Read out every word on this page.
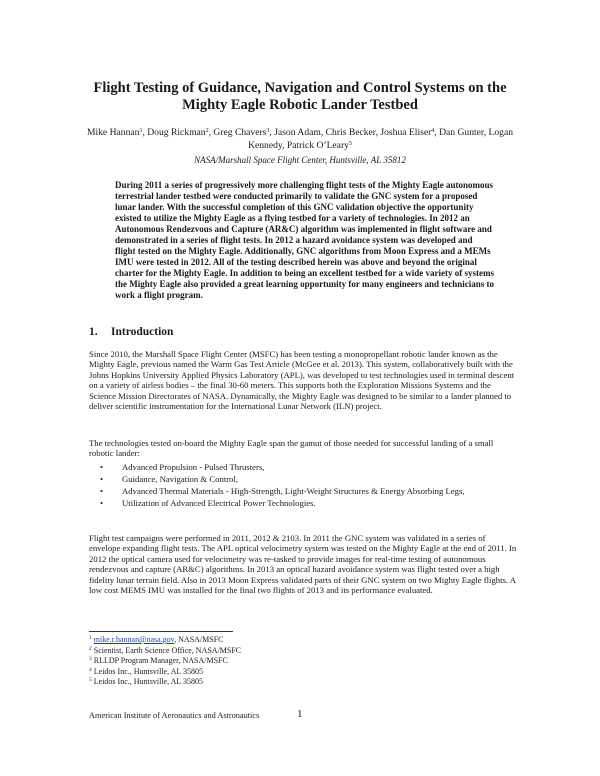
Flight Testing of Guidance, Navigation and Control Systems on the Mighty Eagle Robotic Lander Testbed
Mike Hannan$^1$, Doug Rickman$^2$, Greg Chavers$^3$, Jason Adam, Chris Becker, Joshua Eliser$^4$, Dan Gunter, Logan Kennedy, Patrick O’Leary$^5$
NASA/Marshall Space Flight Center, Huntsville, AL 35812

During 2011 a series of progressively more challenging flight tests of the Mighty Eagle autonomous terrestrial lander testbed were conducted primarily to validate the GNC system for a proposed lunar lander. With the successful completion of this GNC validation objective the opportunity existed to utilize the Mighty Eagle as a flying testbed for a variety of technologies. In 2012 an Autonomous Rendezvous and Capture (AR&C) algorithm was implemented in flight software and demonstrated in a series of flight tests. In 2012 a hazard avoidance system was developed and flight tested on the Mighty Eagle. Additionally, GNC algorithms from Moon Express and a MEMs IMU were tested in 2012. All of the testing described herein was above and beyond the original charter for the Mighty Eagle. In addition to being an excellent testbed for a wide variety of systems the Mighty Eagle also provided a great learning opportunity for many engineers and technicians to work a flight program.

1. Introduction

Since 2010, the Marshall Space Flight Center (MSFC) has been testing a monopropellant robotic lander known as the Mighty Eagle, previous named the Warm Gas Test Article (McGee et al. 2013). This system, collaboratively built with the Johns Hopkins University Applied Physics Laboratory (APL), was developed to test technologies used in terminal descent on a variety of airless bodies – the final 30-60 meters. This supports both the Exploration Missions Systems and the Science Mission Directorates of NASA. Dynamically, the Mighty Eagle was designed to be similar to a lander planned to deliver scientific instrumentation for the International Lunar Network (ILN) project.

The technologies tested on-board the Mighty Eagle span the gamut of those needed for successful landing of a small robotic lander:

• Advanced Propulsion - Pulsed Thrusters,
• Guidance, Navigation & Control,
• Advanced Thermal Materials - High-Strength, Light-Weight Structures & Energy Absorbing Legs,
• Utilization of Advanced Electrical Power Technologies.

Flight test campaigns were performed in 2011, 2012 & 2103. In 2011 the GNC system was validated in a series of envelope expanding flight tests. The APL optical velocimetry system was tested on the Mighty Eagle at the end of 2011. In 2012 the optical camera used for velocimetry was re-tasked to provide images for real-time testing of autonomous rendezvous and capture (AR&C) algorithms. In 2013 an optical hazard avoidance system was flight tested over a high fidelity lunar terrain field. Also in 2013 Moon Express validated parts of their GNC system on two Mighty Eagle flights. A low cost MEMS IMU was installed for the final two flights of 2013 and its performance evaluated.

$^1$ mike.r.hannan@nasa.gov, NASA/MSFC
$^2$ Scientist, Earth Science Office, NASA/MSFC
$^3$ RLLDP Program Manager, NASA/MSFC
$^4$ Leidos Inc., Huntsville, AL 35805
$^5$ Leidos Inc., Huntsville, AL 35805
American Institute of Aeronautics and Astronautics	1
